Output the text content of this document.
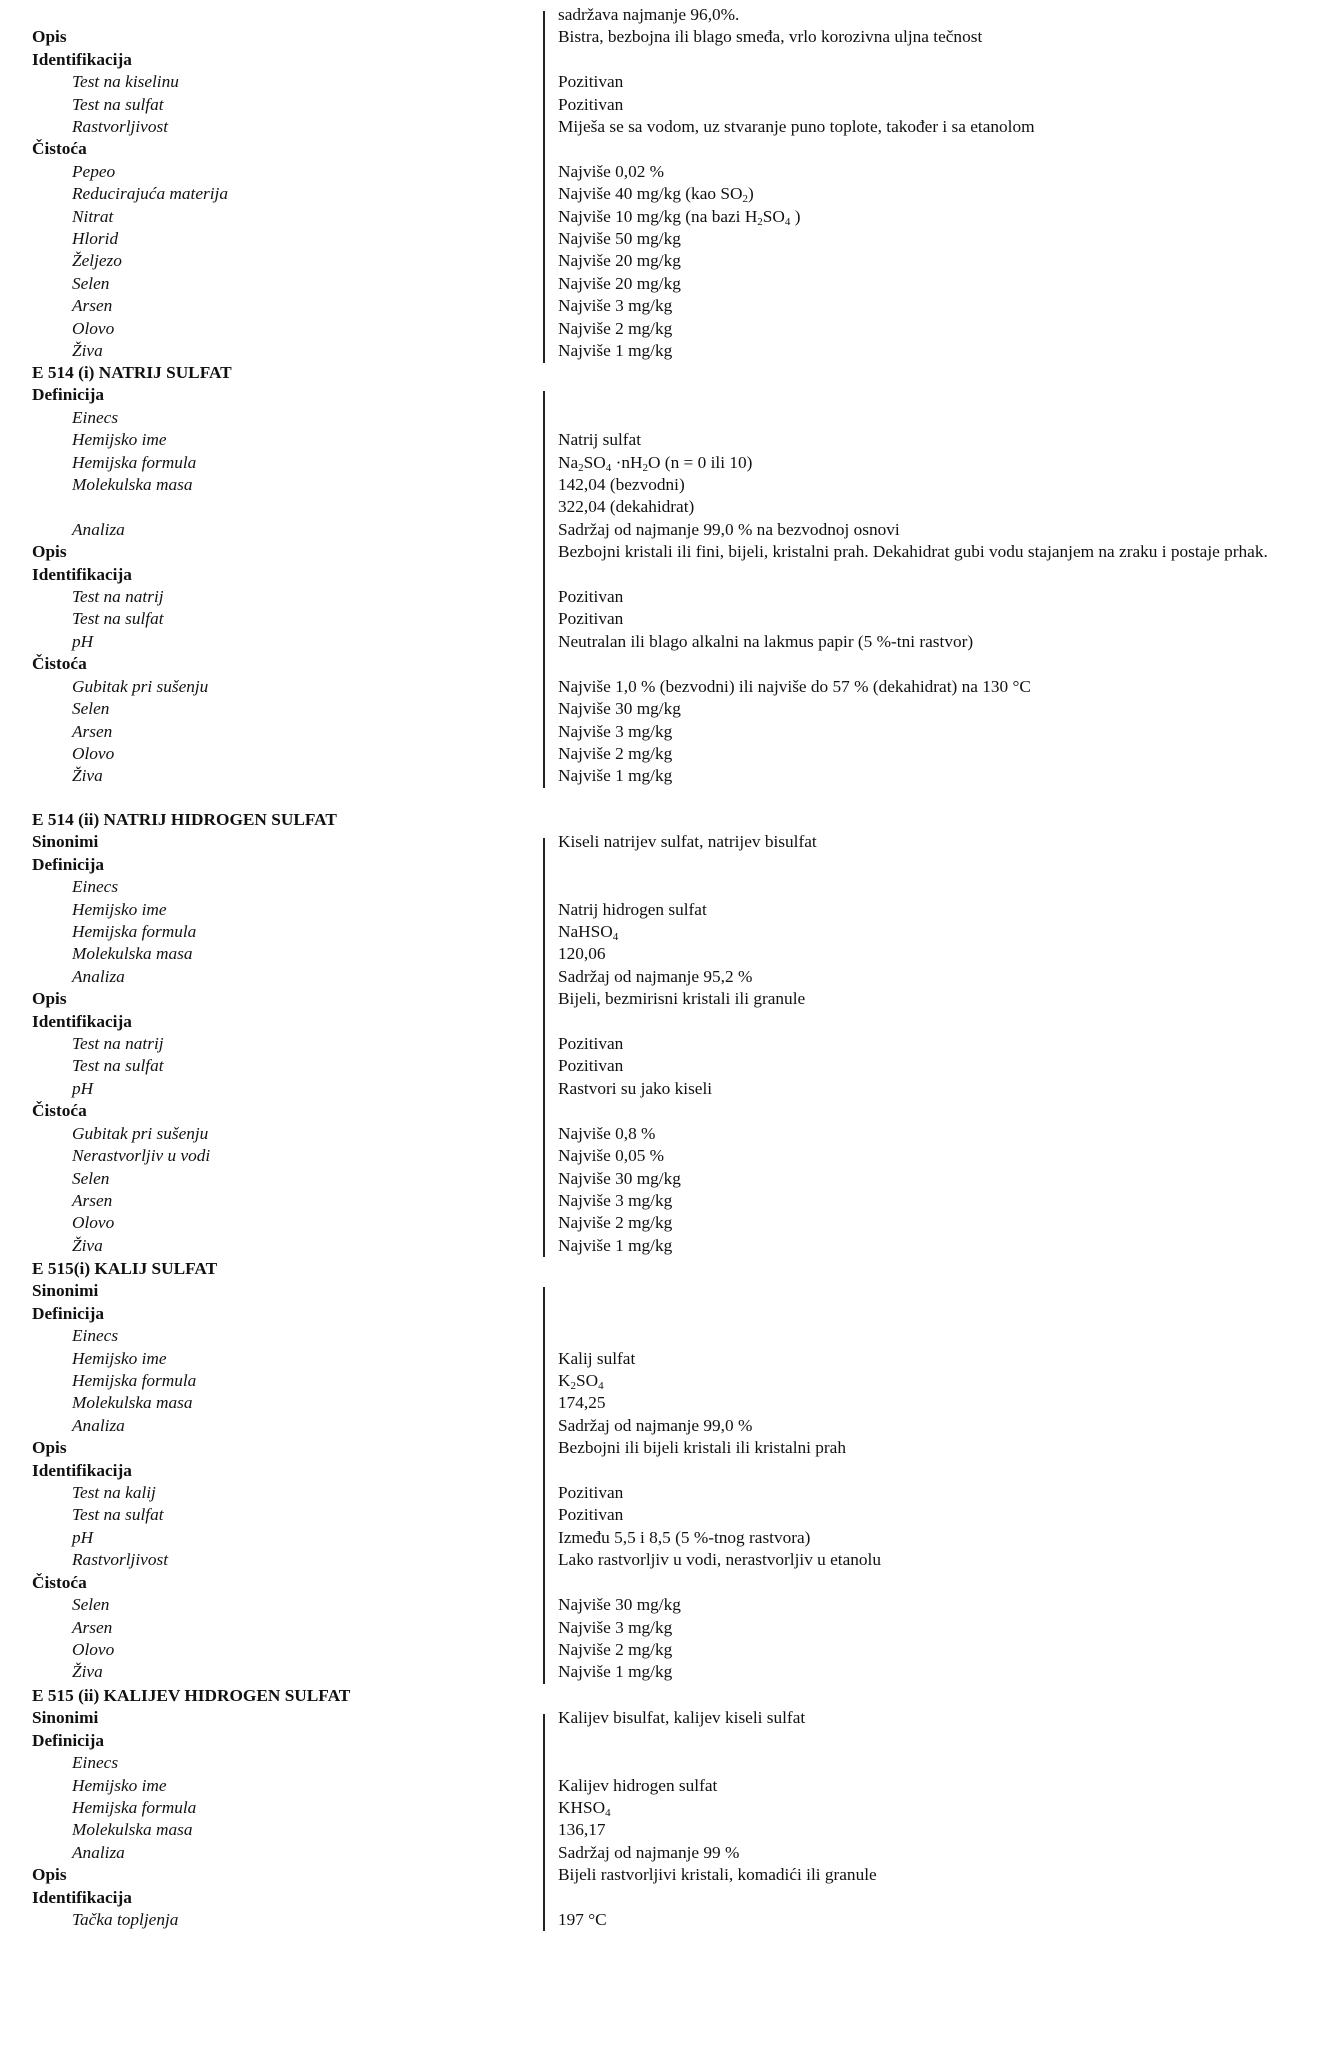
sadržava najmanje 96,0%.
Opis	Bistra, bezbojna ili blago smeđa, vrlo korozivna uljna tečnost
Identifikacija
Test na kiselinu	Pozitivan
Test na sulfat	Pozitivan
Rastvorljivost	Miješa se sa vodom, uz stvaranje puno toplote, također i sa etanolom
Čistoća
Pepeo	Najviše 0,02 %
Reducirajuća materija	Najviše 40 mg/kg (kao $SO_2$)
Nitrat	Najviše 10 mg/kg (na bazi $H_2SO_4$ )
Hlorid	Najviše 50 mg/kg
Željezo	Najviše 20 mg/kg
Selen	Najviše 20 mg/kg
Arsen	Najviše 3 mg/kg
Olovo	Najviše 2 mg/kg
Živa	Najviše 1 mg/kg
E 514 (i) NATRIJ SULFAT
Definicija
Einecs
Hemijsko ime	Natrij sulfat
Hemijska formula	$Na_2SO_4 \cdot nH_2O$ (n = 0 ili 10)
Molekulska masa	142,04 (bezvodni)
322,04 (dekahidrat)
Analiza	Sadržaj od najmanje 99,0 % na bezvodnoj osnovi
Opis	Bezbojni kristali ili fini, bijeli, kristalni prah. Dekahidrat gubi vodu stajanjem na zraku i postaje prhak.
Identifikacija
Test na natrij	Pozitivan
Test na sulfat	Pozitivan
pH	Neutralan ili blago alkalni na lakmus papir (5 %-tni rastvor)
Čistoća
Gubitak pri sušenju	Najviše 1,0 % (bezvodni) ili najviše do 57 % (dekahidrat) na 130 °C
Selen	Najviše 30 mg/kg
Arsen	Najviše 3 mg/kg
Olovo	Najviše 2 mg/kg
Živa	Najviše 1 mg/kg
E 514 (ii) NATRIJ HIDROGEN SULFAT
Sinonimi	Kiseli natrijev sulfat, natrijev bisulfat
Definicija
Einecs
Hemijsko ime	Natrij hidrogen sulfat
Hemijska formula	NaHSO$_4$
Molekulska masa	120,06
Analiza	Sadržaj od najmanje 95,2 %
Opis	Bijeli, bezmirisni kristali ili granule
Identifikacija
Test na natrij	Pozitivan
Test na sulfat	Pozitivan
pH	Rastvori su jako kiseli
Čistoća
Gubitak pri sušenju	Najviše 0,8 %
Nerastvorljiv u vodi	Najviše 0,05 %
Selen	Najviše 30 mg/kg
Arsen	Najviše 3 mg/kg
Olovo	Najviše 2 mg/kg
Živa	Najviše 1 mg/kg
E 515(i) KALIJ SULFAT
Sinonimi
Definicija
Einecs
Hemijsko ime	Kalij sulfat
Hemijska formula	$K_2SO_4$
Molekulska masa	174,25
Analiza	Sadržaj od najmanje 99,0 %
Opis	Bezbojni ili bijeli kristali ili kristalni prah
Identifikacija
Test na kalij	Pozitivan
Test na sulfat	Pozitivan
pH	Između 5,5 i 8,5 (5 %-tnog rastvora)
Rastvorljivost	Lako rastvorljiv u vodi, nerastvorljiv u etanolu
Čistoća
Selen	Najviše 30 mg/kg
Arsen	Najviše 3 mg/kg
Olovo	Najviše 2 mg/kg
Živa	Najviše 1 mg/kg
E 515 (ii) KALIJEV HIDROGEN SULFAT
Sinonimi	Kalijev bisulfat, kalijev kiseli sulfat
Definicija
Einecs
Hemijsko ime	Kalijev hidrogen sulfat
Hemijska formula	$KHSO_4$
Molekulska masa	136,17
Analiza	Sadržaj od najmanje 99 %
Opis	Bijeli rastvorljivi kristali, komadići ili granule
Identifikacija
Tačka topljenja	197 °C
